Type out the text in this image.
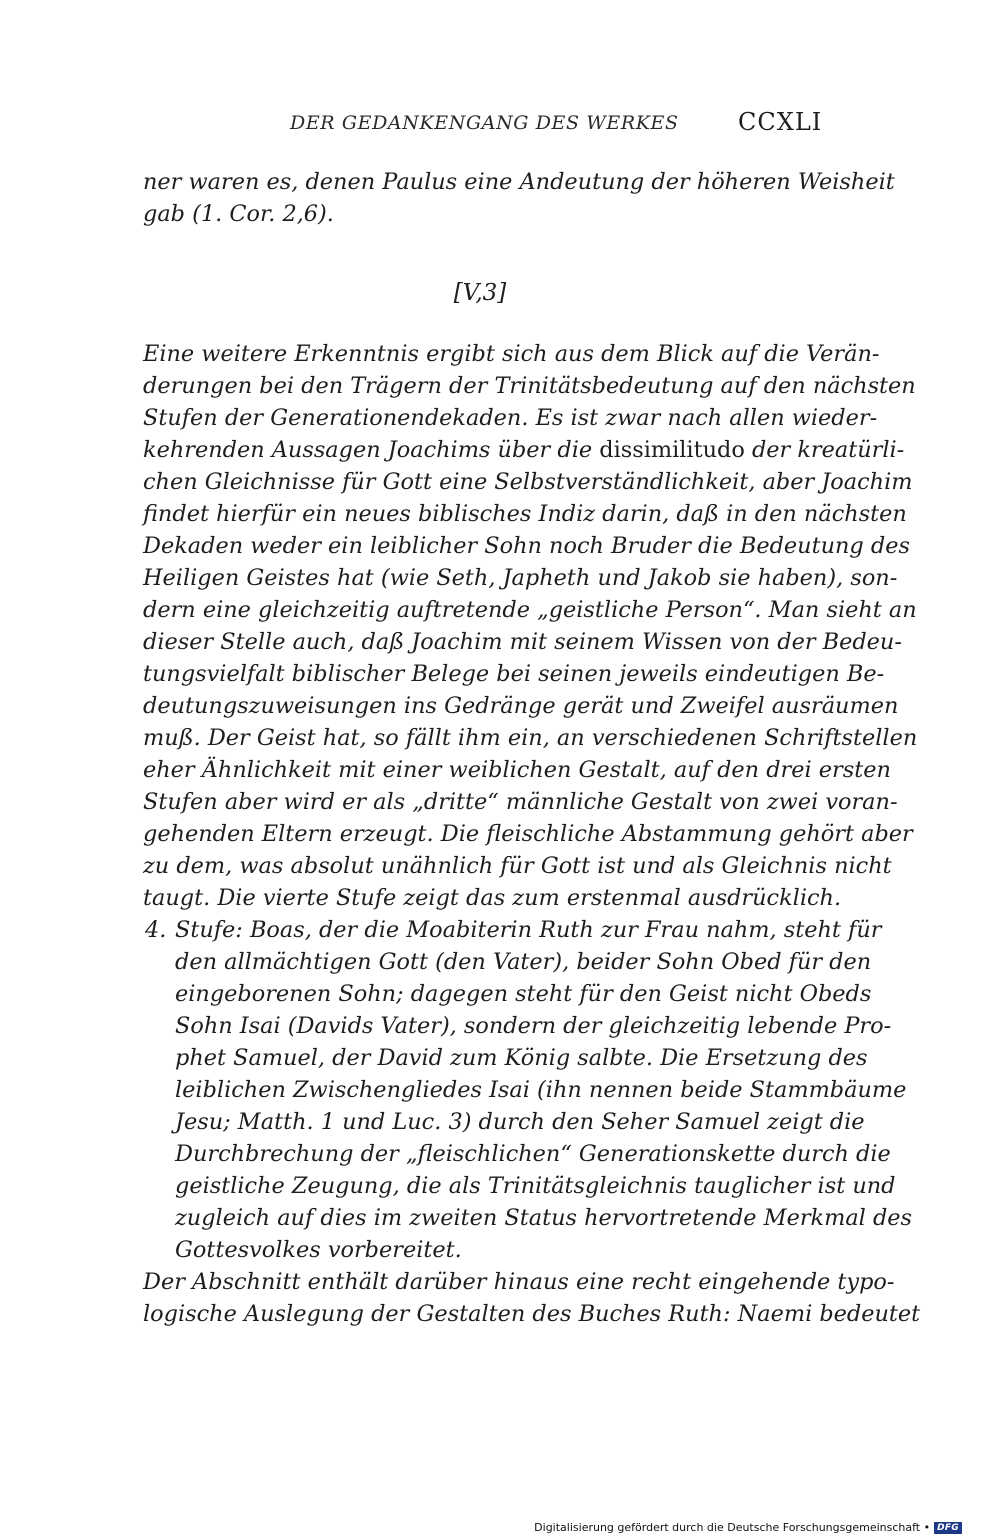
DER GEDANKENGANG DES WERKES CCXLI
ner waren es, denen Paulus eine Andeutung der höheren Weisheit
gab (1. Cor. 2,6).
[V,3]
Eine weitere Erkenntnis ergibt sich aus dem Blick auf die Verän-
derungen bei den Trägern der Trinitätsbedeutung auf den nächsten
Stufen der Generationendekaden. Es ist zwar nach allen wieder-
kehrenden Aussagen Joachims über die dissimilitudo der kreatürli-
chen Gleichnisse für Gott eine Selbstverständlichkeit, aber Joachim
findet hierfür ein neues biblisches Indiz darin, daß in den nächsten
Dekaden weder ein leiblicher Sohn noch Bruder die Bedeutung des
Heiligen Geistes hat (wie Seth, Japheth und Jakob sie haben), son-
dern eine gleichzeitig auftretende „geistliche Person“. Man sieht an
dieser Stelle auch, daß Joachim mit seinem Wissen von der Bedeu-
tungsvielfalt biblischer Belege bei seinen jeweils eindeutigen Be-
deutungszuweisungen ins Gedränge gerät und Zweifel ausräumen
muß. Der Geist hat, so fällt ihm ein, an verschiedenen Schriftstellen
eher Ähnlichkeit mit einer weiblichen Gestalt, auf den drei ersten
Stufen aber wird er als „dritte“ männliche Gestalt von zwei voran-
gehenden Eltern erzeugt. Die fleischliche Abstammung gehört aber
zu dem, was absolut unähnlich für Gott ist und als Gleichnis nicht
taugt. Die vierte Stufe zeigt das zum erstenmal ausdrücklich.
4. Stufe: Boas, der die Moabiterin Ruth zur Frau nahm, steht für
den allmächtigen Gott (den Vater), beider Sohn Obed für den
eingeborenen Sohn; dagegen steht für den Geist nicht Obeds
Sohn Isai (Davids Vater), sondern der gleichzeitig lebende Pro-
phet Samuel, der David zum König salbte. Die Ersetzung des
leiblichen Zwischengliedes Isai (ihn nennen beide Stammbäume
Jesu; Matth. 1 und Luc. 3) durch den Seher Samuel zeigt die
Durchbrechung der „fleischlichen“ Generationskette durch die
geistliche Zeugung, die als Trinitätsgleichnis tauglicher ist und
zugleich auf dies im zweiten Status hervortretende Merkmal des
Gottesvolkes vorbereitet.
Der Abschnitt enthält darüber hinaus eine recht eingehende typo-
logische Auslegung der Gestalten des Buches Ruth: Naemi bedeutet
Digitalisierung gefördert durch die Deutsche Forschungsgemeinschaft • DFG
